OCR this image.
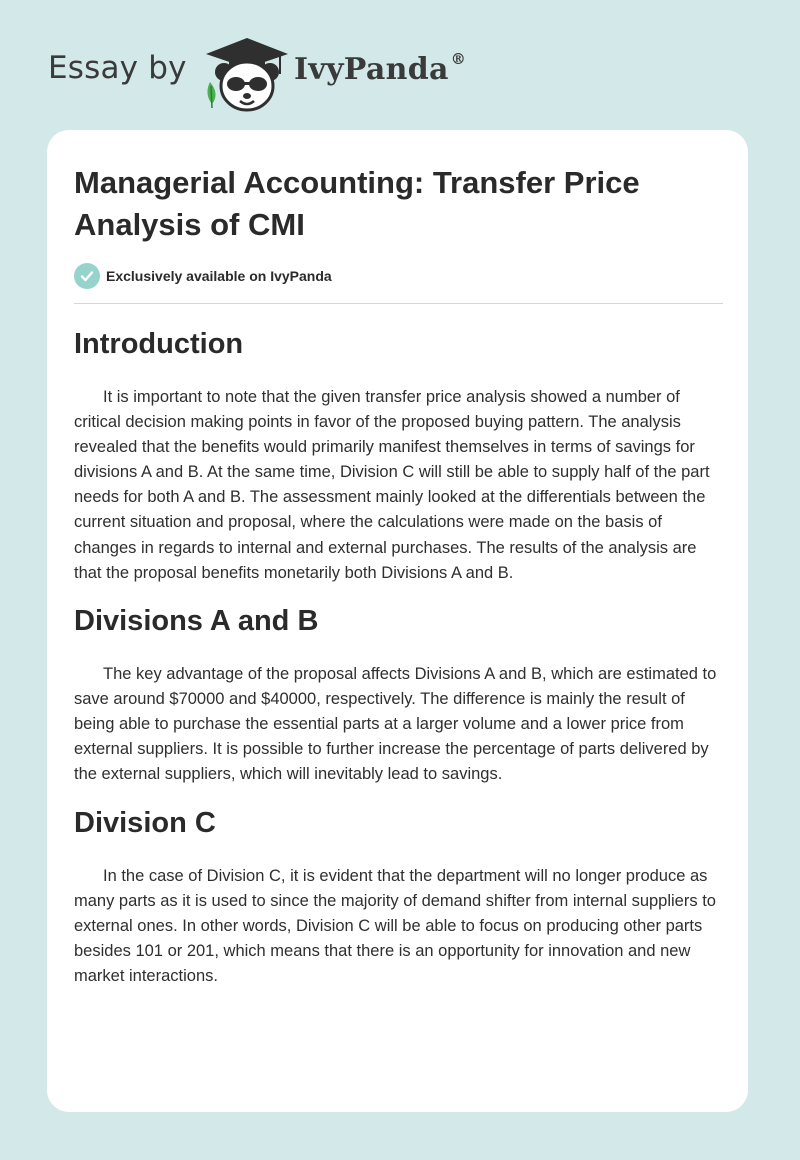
Essay by	IvyPanda ®
Managerial Accounting: Transfer Price Analysis of CMI
Exclusively available on IvyPanda
Introduction

It is important to note that the given transfer price analysis showed a number of critical decision making points in favor of the proposed buying pattern. The analysis revealed that the benefits would primarily manifest themselves in terms of savings for divisions A and B. At the same time, Division C will still be able to supply half of the part needs for both A and B. The assessment mainly looked at the differentials between the current situation and proposal, where the calculations were made on the basis of changes in regards to internal and external purchases. The results of the analysis are that the proposal benefits monetarily both Divisions A and B.

Divisions A and B

The key advantage of the proposal affects Divisions A and B, which are estimated to save around $70000 and $40000, respectively. The difference is mainly the result of being able to purchase the essential parts at a larger volume and a lower price from external suppliers. It is possible to further increase the percentage of parts delivered by the external suppliers, which will inevitably lead to savings.

Division C

In the case of Division C, it is evident that the department will no longer produce as many parts as it is used to since the majority of demand shifter from internal suppliers to external ones. In other words, Division C will be able to focus on producing other parts besides 101 or 201, which means that there is an opportunity for innovation and new market interactions.
